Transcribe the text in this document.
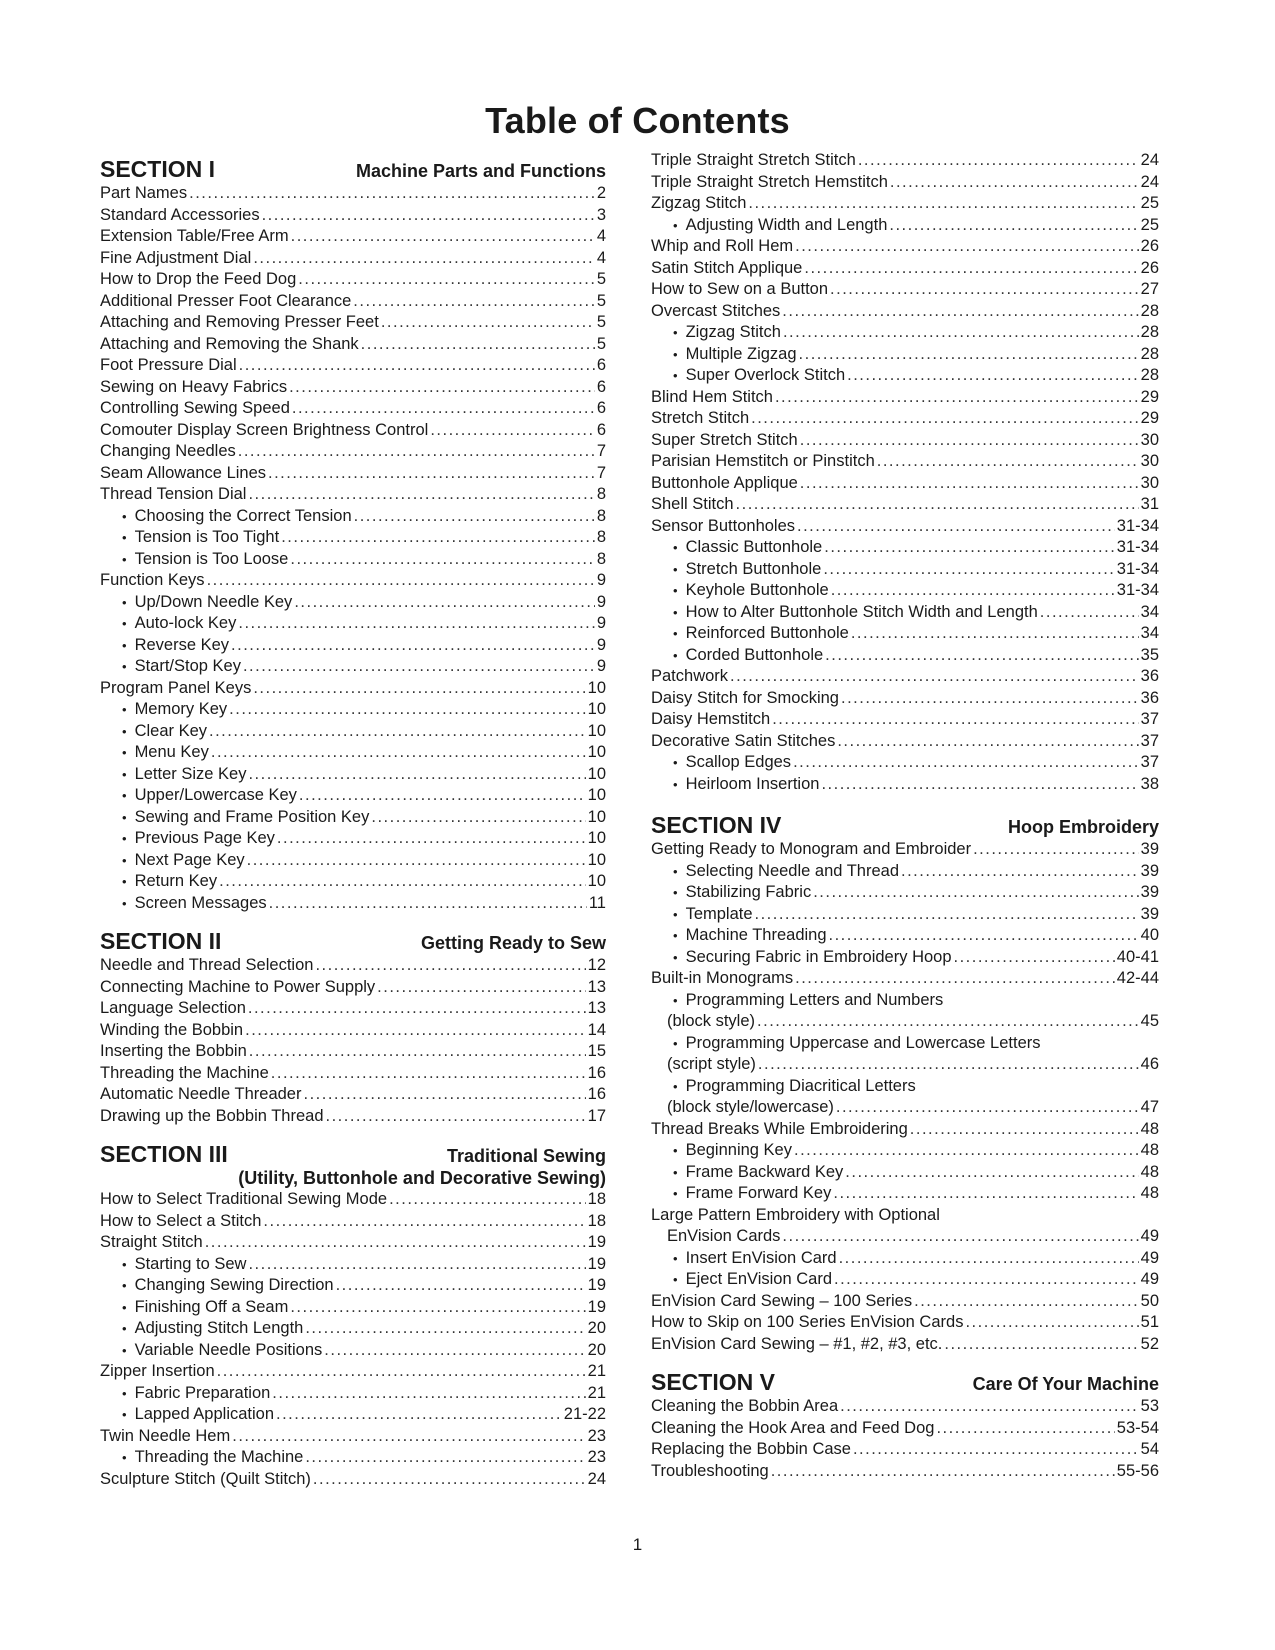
Table of Contents
SECTION I	Machine Parts and Functions
Part Names .....	2
Standard Accessories .....	3
Extension Table/Free Arm .....	4
Fine Adjustment Dial .....	4
How to Drop the Feed Dog .....	5
Additional Presser Foot Clearance .....	5
Attaching and Removing Presser Feet .....	5
Attaching and Removing the Shank .....	5
Foot Pressure Dial .....	6
Sewing on Heavy Fabrics .....	6
Controlling Sewing Speed .....	6
Comouter Display Screen Brightness Control .....	6
Changing Needles .....	7
Seam Allowance Lines .....	7
Thread Tension Dial .....	8
• Choosing the Correct Tension .....	8
• Tension is Too Tight .....	8
• Tension is Too Loose .....	8
Function Keys .....	9
• Up/Down Needle Key .....	9
• Auto-lock Key .....	9
• Reverse Key .....	9
• Start/Stop Key .....	9
Program Panel Keys .....	10
• Memory Key .....	10
• Clear Key .....	10
• Menu Key .....	10
• Letter Size Key .....	10
• Upper/Lowercase Key .....	10
• Sewing and Frame Position Key .....	10
• Previous Page Key .....	10
• Next Page Key .....	10
• Return Key .....	10
• Screen Messages .....	11
SECTION II	Getting Ready to Sew
Needle and Thread Selection .....	12
Connecting Machine to Power Supply .....	13
Language Selection .....	13
Winding the Bobbin .....	14
Inserting the Bobbin .....	15
Threading the Machine .....	16
Automatic Needle Threader .....	16
Drawing up the Bobbin Thread .....	17
SECTION III	Traditional Sewing
(Utility, Buttonhole and Decorative Sewing)
How to Select Traditional Sewing Mode .....	18
How to Select a Stitch .....	18
Straight Stitch .....	19
• Starting to Sew .....	19
• Changing Sewing Direction .....	19
• Finishing Off a Seam .....	19
• Adjusting Stitch Length .....	20
• Variable Needle Positions .....	20
Zipper Insertion .....	21
• Fabric Preparation .....	21
• Lapped Application .....	21-22
Twin Needle Hem .....	23
• Threading the Machine .....	23
Sculpture Stitch (Quilt Stitch) .....	24
Triple Straight Stretch Stitch .....	24
Triple Straight Stretch Hemstitch .....	24
Zigzag Stitch .....	25
• Adjusting Width and Length .....	25
Whip and Roll Hem .....	26
Satin Stitch Applique .....	26
How to Sew on a Button .....	27
Overcast Stitches .....	28
• Zigzag Stitch .....	28
• Multiple Zigzag .....	28
• Super Overlock Stitch .....	28
Blind Hem Stitch .....	29
Stretch Stitch .....	29
Super Stretch Stitch .....	30
Parisian Hemstitch or Pinstitch .....	30
Buttonhole Applique .....	30
Shell Stitch .....	31
Sensor Buttonholes .....	31-34
• Classic Buttonhole .....	31-34
• Stretch Buttonhole .....	31-34
• Keyhole Buttonhole .....	31-34
• How to Alter Buttonhole Stitch Width and Length .....	34
• Reinforced Buttonhole .....	34
• Corded Buttonhole .....	35
Patchwork .....	36
Daisy Stitch for Smocking .....	36
Daisy Hemstitch .....	37
Decorative Satin Stitches .....	37
• Scallop Edges .....	37
• Heirloom Insertion .....	38
SECTION IV	Hoop Embroidery
Getting Ready to Monogram and Embroider .....	39
• Selecting Needle and Thread .....	39
• Stabilizing Fabric .....	39
• Template .....	39
• Machine Threading .....	40
• Securing Fabric in Embroidery Hoop .....	40-41
Built-in Monograms .....	42-44
• Programming Letters and Numbers
(block style) .....	45
• Programming Uppercase and Lowercase Letters
(script style) .....	46
• Programming Diacritical Letters
(block style/lowercase) .....	47
Thread Breaks While Embroidering .....	48
• Beginning Key .....	48
• Frame Backward Key .....	48
• Frame Forward Key .....	48
Large Pattern Embroidery with Optional
EnVision Cards .....	49
• Insert EnVision Card .....	49
• Eject EnVision Card .....	49
EnVision Card Sewing – 100 Series .....	50
How to Skip on 100 Series EnVision Cards .....	51
EnVision Card Sewing – #1, #2, #3, etc. .....	52
SECTION V	Care Of Your Machine
Cleaning the Bobbin Area .....	53
Cleaning the Hook Area and Feed Dog .....	53-54
Replacing the Bobbin Case .....	54
Troubleshooting .....	55-56
1
